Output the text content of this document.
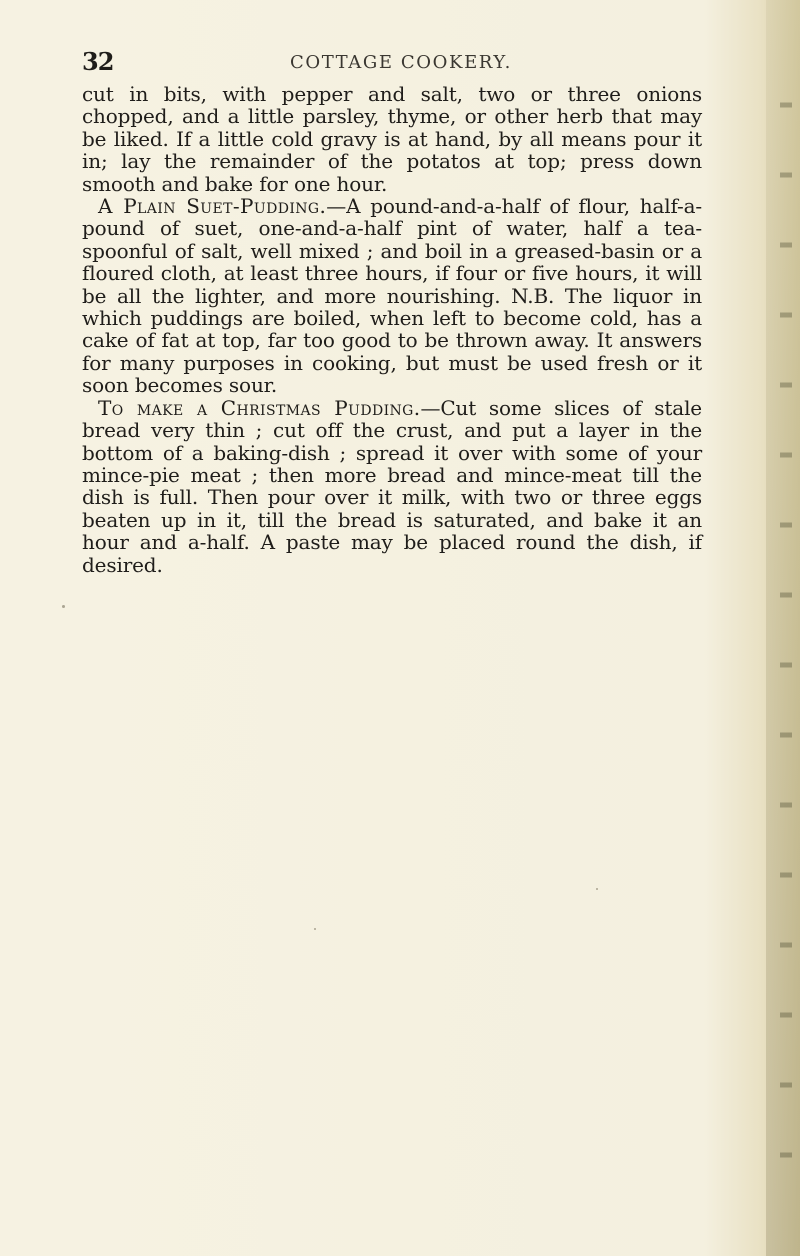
32	COTTAGE COOKERY.

cut in bits, with pepper and salt, two or three onions chopped, and a little parsley, thyme, or other herb that may be liked. If a little cold gravy is at hand, by all means pour it in; lay the remainder of the potatos at top; press down smooth and bake for one hour.

A Plain Suet-Pudding.—A pound-and-a-half of flour, half-a-pound of suet, one-and-a-half pint of water, half a tea-spoonful of salt, well mixed ; and boil in a greased-basin or a floured cloth, at least three hours, if four or five hours, it will be all the lighter, and more nourishing. N.B. The liquor in which puddings are boiled, when left to become cold, has a cake of fat at top, far too good to be thrown away. It answers for many purposes in cooking, but must be used fresh or it soon becomes sour.

To make a Christmas Pudding.—Cut some slices of stale bread very thin ; cut off the crust, and put a layer in the bottom of a baking-dish ; spread it over with some of your mince-pie meat ; then more bread and mince-meat till the dish is full. Then pour over it milk, with two or three eggs beaten up in it, till the bread is saturated, and bake it an hour and a-half. A paste may be placed round the dish, if desired.
